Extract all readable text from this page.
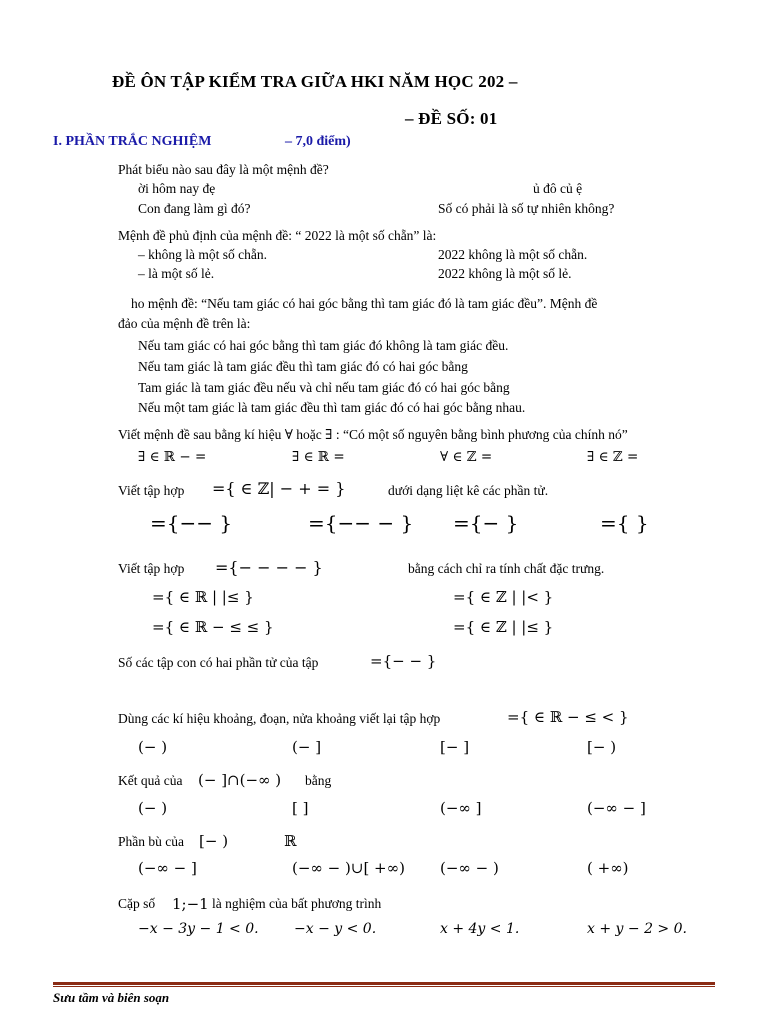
ĐỀ ÔN TẬP KIỂM TRA GIỮA HKI NĂM HỌC 202 –
– ĐỀ SỐ: 01
I. PHẦN TRẮC NGHIỆM	– 7,0 điểm)
Phát biểu nào sau đây là một mệnh đề?
ời hôm nay đẹ	ủ đô củ ệ
Con đang làm gì đó?	Số có phải là số tự nhiên không?
Mệnh đề phủ định của mệnh đề: “ 2022 là một số chẵn” là:
– không là một số chẵn.	2022 không là một số chẵn.
– là một số lẻ.	2022 không là một số lẻ.
ho mệnh đề: “Nếu tam giác có hai góc bằng thì tam giác đó là tam giác đều”. Mệnh đề
đảo của mệnh đề trên là:
Nếu tam giác có hai góc bằng thì tam giác đó không là tam giác đều.
Nếu tam giác là tam giác đều thì tam giác đó có hai góc bằng
Tam giác là tam giác đều nếu và chỉ nếu tam giác đó có hai góc bằng
Nếu một tam giác là tam giác đều thì tam giác đó có hai góc bằng nhau.
Viết mệnh đề sau bằng kí hiệu ∀ hoặc ∃ : “Có một số nguyên bằng bình phương của chính nó”
∃ ∈ ℝ − =	∃ ∈ ℝ =	∀ ∈ ℤ =	∃ ∈ ℤ =
Viết tập hợp ={ ∈ ℤ| − + = }	dưới dạng liệt kê các phần tử.
={−− }	={−− − } ={− }	={ }
Viết tập hợp ={− − − − }	bằng cách chỉ ra tính chất đặc trưng.
={ ∈ ℝ | |≤ }	={ ∈ ℤ | |< }
={ ∈ ℝ − ≤ ≤ }	={ ∈ ℤ | |≤ }
Số các tập con có hai phần tử của tập	={− − }
Dùng các kí hiệu khoảng, đoạn, nửa khoảng viết lại tập hợp	={ ∈ ℝ − ≤ < }
(− )	(− ]	[− ]	[− )
Kết quả của (− ]∩(−∞ ) bằng
(− )	[ ]	(−∞ ]	(−∞ − ]
Phần bù của [− )	ℝ
(−∞ − ]	(−∞ − )∪[ +∞) (−∞ − )	( +∞)
Cặp số 1;−1 là nghiệm của bất phương trình
−x − 3y − 1 < 0.	−x − y < 0.	x + 4y < 1.	x + y − 2 > 0.
Sưu tầm và biên soạn
